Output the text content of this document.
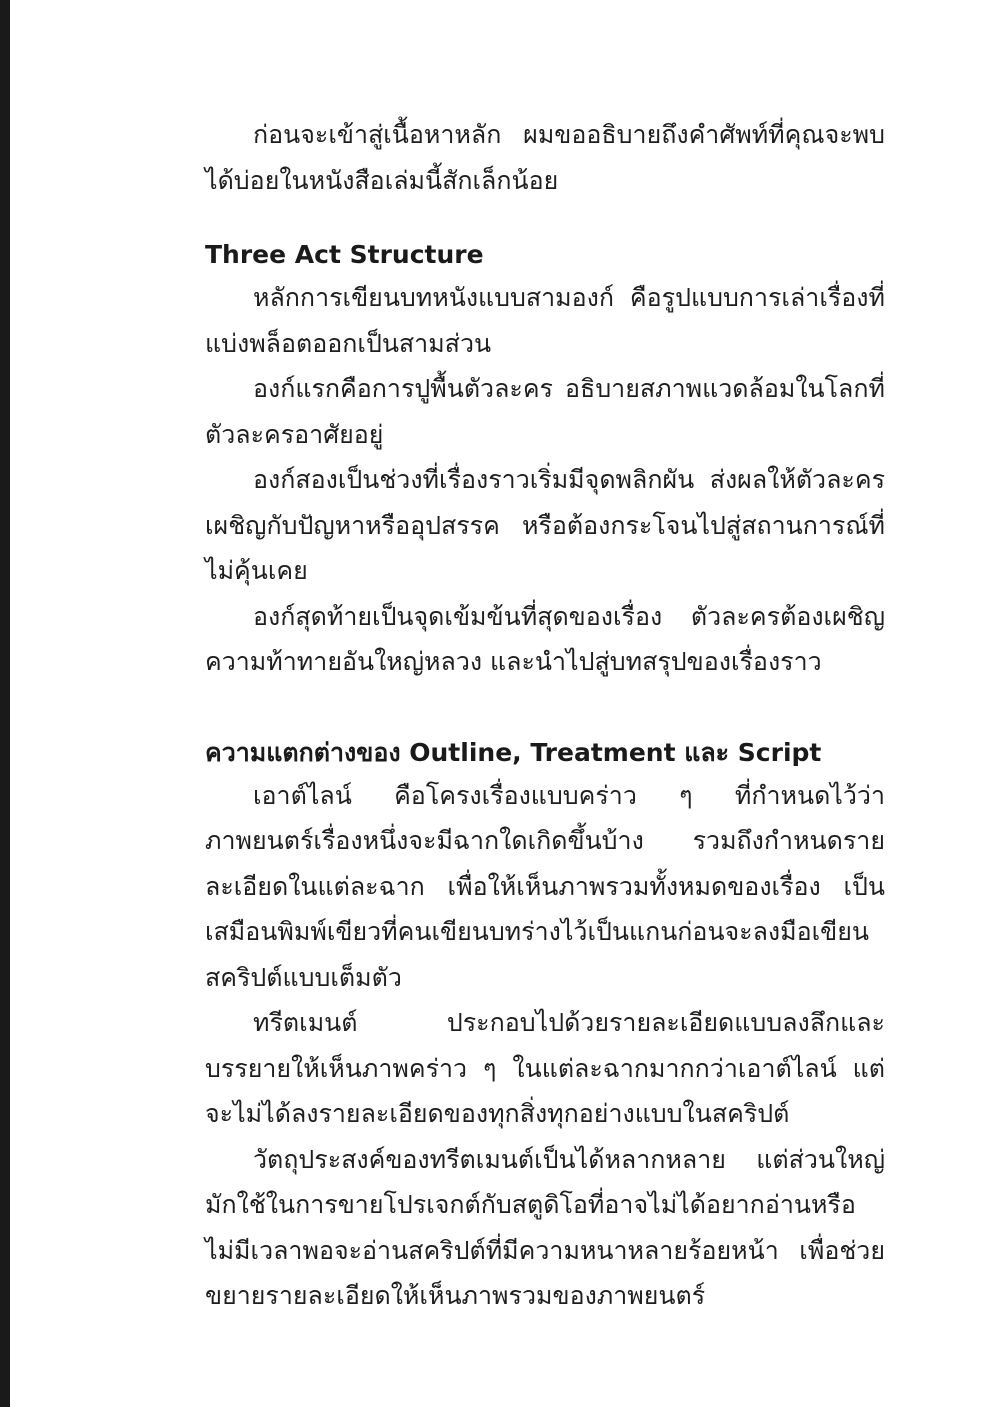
ก่อนจะเข้าสู่เนื้อหาหลัก ผมขออธิบายถึงคำศัพท์ที่คุณจะพบได้บ่อยในหนังสือเล่มนี้สักเล็กน้อย

Three Act Structure

หลักการเขียนบทหนังแบบสามองก์ คือรูปแบบการเล่าเรื่องที่แบ่งพล็อตออกเป็นสามส่วน

องก์แรกคือการปูพื้นตัวละคร อธิบายสภาพแวดล้อมในโลกที่ตัวละครอาศัยอยู่

องก์สองเป็นช่วงที่เรื่องราวเริ่มมีจุดพลิกผัน ส่งผลให้ตัวละครเผชิญกับปัญหาหรืออุปสรรค หรือต้องกระโจนไปสู่สถานการณ์ที่ไม่คุ้นเคย

องก์สุดท้ายเป็นจุดเข้มข้นที่สุดของเรื่อง ตัวละครต้องเผชิญความท้าทายอันใหญ่หลวง และนำไปสู่บทสรุปของเรื่องราว

ความแตกต่างของ Outline, Treatment และ Script

เอาต์ไลน์ คือโครงเรื่องแบบคร่าว ๆ ที่กำหนดไว้ว่าภาพยนตร์เรื่องหนึ่งจะมีฉากใดเกิดขึ้นบ้าง รวมถึงกำหนดรายละเอียดในแต่ละฉาก เพื่อให้เห็นภาพรวมทั้งหมดของเรื่อง เป็นเสมือนพิมพ์เขียวที่คนเขียนบทร่างไว้เป็นแกนก่อนจะลงมือเขียนสคริปต์แบบเต็มตัว

ทรีตเมนต์ ประกอบไปด้วยรายละเอียดแบบลงลึกและบรรยายให้เห็นภาพคร่าว ๆ ในแต่ละฉากมากกว่าเอาต์ไลน์ แต่จะไม่ได้ลงรายละเอียดของทุกสิ่งทุกอย่างแบบในสคริปต์

วัตถุประสงค์ของทรีตเมนต์เป็นได้หลากหลาย แต่ส่วนใหญ่มักใช้ในการขายโปรเจกต์กับสตูดิโอที่อาจไม่ได้อยากอ่านหรือไม่มีเวลาพอจะอ่านสคริปต์ที่มีความหนาหลายร้อยหน้า เพื่อช่วยขยายรายละเอียดให้เห็นภาพรวมของภาพยนตร์
